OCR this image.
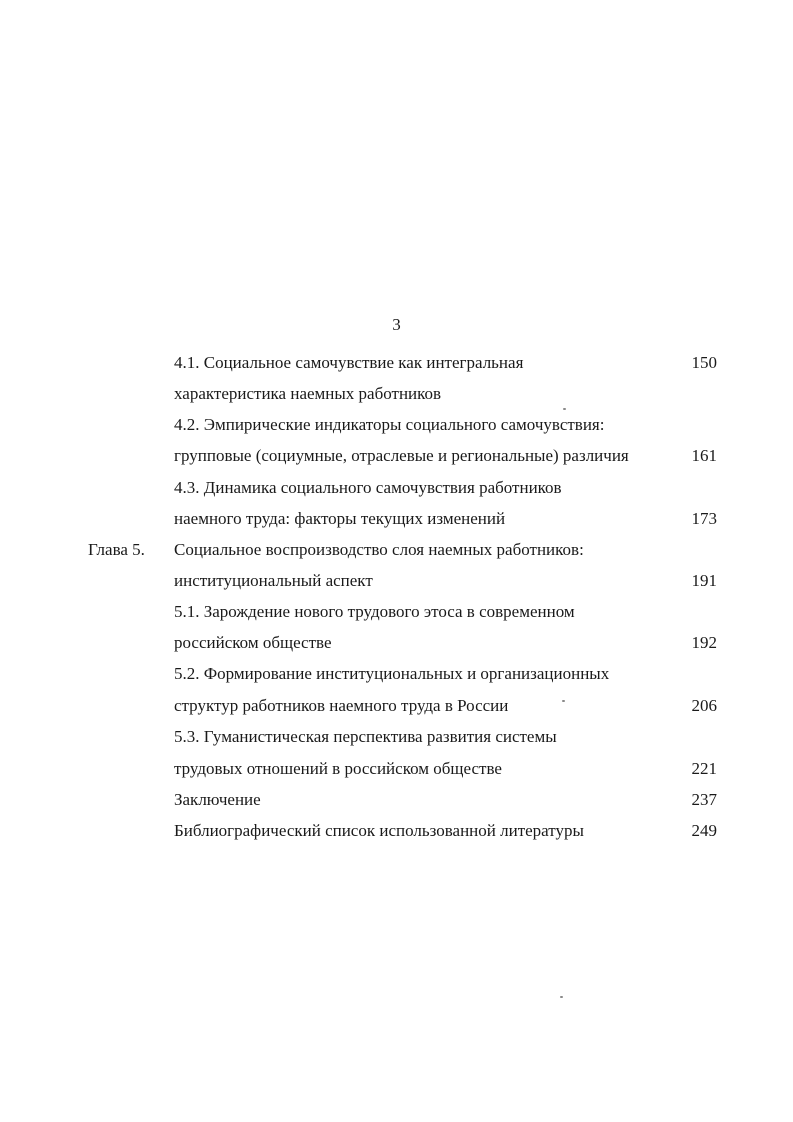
3
4.1. Социальное самочувствие как интегральная	150
характеристика наемных работников
4.2. Эмпирические индикаторы социального самочувствия:
групповые (социумные, отраслевые и региональные) различия	161
4.3. Динамика социального самочувствия работников
наемного труда: факторы текущих изменений	173
Глава 5. Социальное воспроизводство слоя наемных работников:
институциональный аспект	191
5.1. Зарождение нового трудового этоса в современном
российском обществе	192
5.2. Формирование институциональных и организационных
структур работников наемного труда в России	206
5.3. Гуманистическая перспектива развития системы
трудовых отношений в российском обществе	221
Заключение	237
Библиографический список использованной литературы	249
